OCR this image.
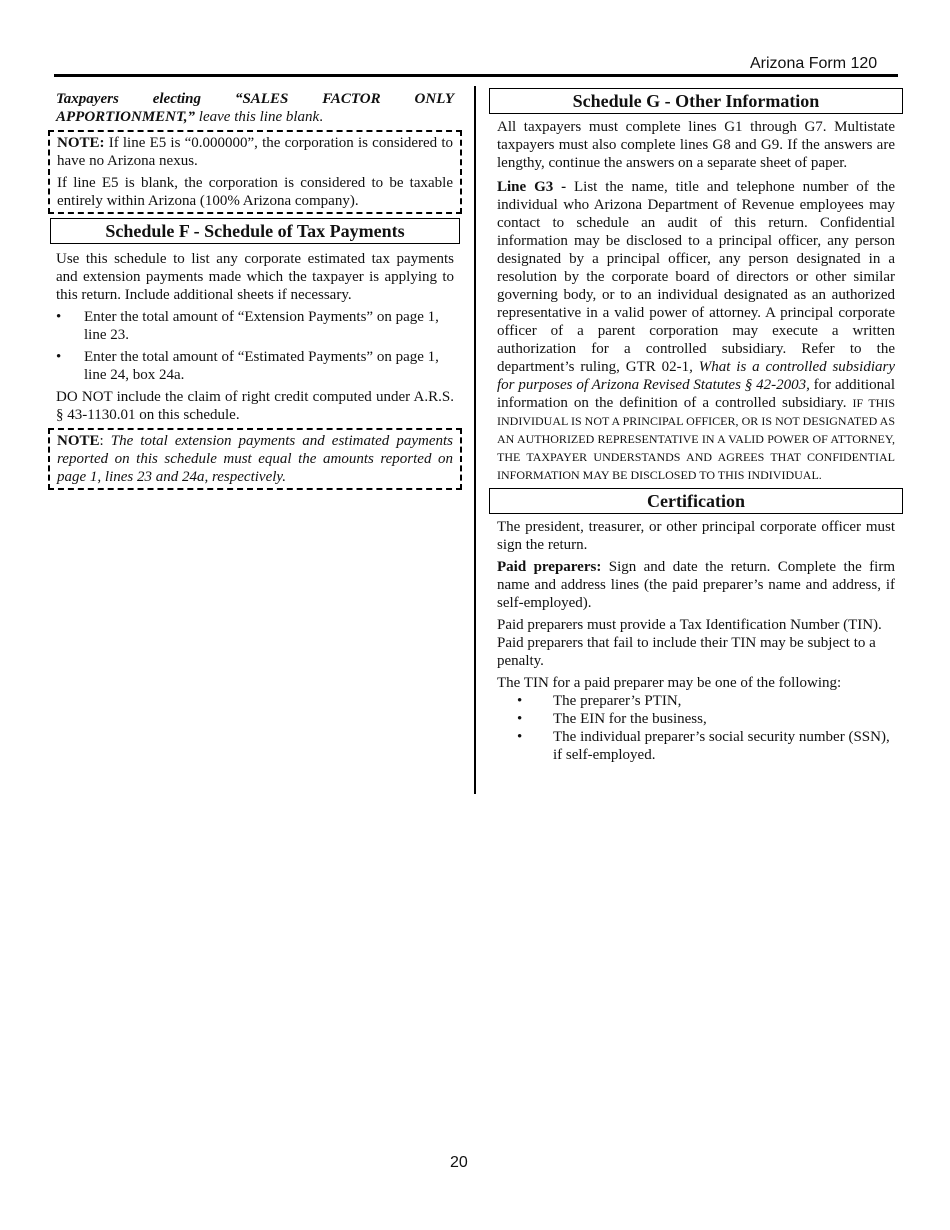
Arizona Form 120

Taxpayers electing “SALES FACTOR ONLY APPORTIONMENT,” leave this line blank.

NOTE: If line E5 is “0.000000”, the corporation is considered to have no Arizona nexus.

If line E5 is blank, the corporation is considered to be taxable entirely within Arizona (100% Arizona company).

Schedule F - Schedule of Tax Payments

Use this schedule to list any corporate estimated tax payments and extension payments made which the taxpayer is applying to this return. Include additional sheets if necessary.

• Enter the total amount of “Extension Payments” on page 1, line 23.
• Enter the total amount of “Estimated Payments” on page 1, line 24, box 24a.

DO NOT include the claim of right credit computed under A.R.S. § 43-1130.01 on this schedule.

NOTE: The total extension payments and estimated payments reported on this schedule must equal the amounts reported on page 1, lines 23 and 24a, respectively.

Schedule G - Other Information

All taxpayers must complete lines G1 through G7. Multistate taxpayers must also complete lines G8 and G9. If the answers are lengthy, continue the answers on a separate sheet of paper.

Line G3 - List the name, title and telephone number of the individual who Arizona Department of Revenue employees may contact to schedule an audit of this return. Confidential information may be disclosed to a principal officer, any person designated by a principal officer, any person designated in a resolution by the corporate board of directors or other similar governing body, or to an individual designated as an authorized representative in a valid power of attorney. A principal corporate officer of a parent corporation may execute a written authorization for a controlled subsidiary. Refer to the department’s ruling, GTR 02-1, What is a controlled subsidiary for purposes of Arizona Revised Statutes § 42-2003, for additional information on the definition of a controlled subsidiary. IF THIS INDIVIDUAL IS NOT A PRINCIPAL OFFICER, OR IS NOT DESIGNATED AS AN AUTHORIZED REPRESENTATIVE IN A VALID POWER OF ATTORNEY, THE TAXPAYER UNDERSTANDS AND AGREES THAT CONFIDENTIAL INFORMATION MAY BE DISCLOSED TO THIS INDIVIDUAL.

Certification

The president, treasurer, or other principal corporate officer must sign the return.

Paid preparers: Sign and date the return. Complete the firm name and address lines (the paid preparer’s name and address, if self-employed).

Paid preparers must provide a Tax Identification Number (TIN). Paid preparers that fail to include their TIN may be subject to a penalty.

The TIN for a paid preparer may be one of the following:

• The preparer’s PTIN,
• The EIN for the business,
• The individual preparer’s social security number (SSN), if self-employed.
20
